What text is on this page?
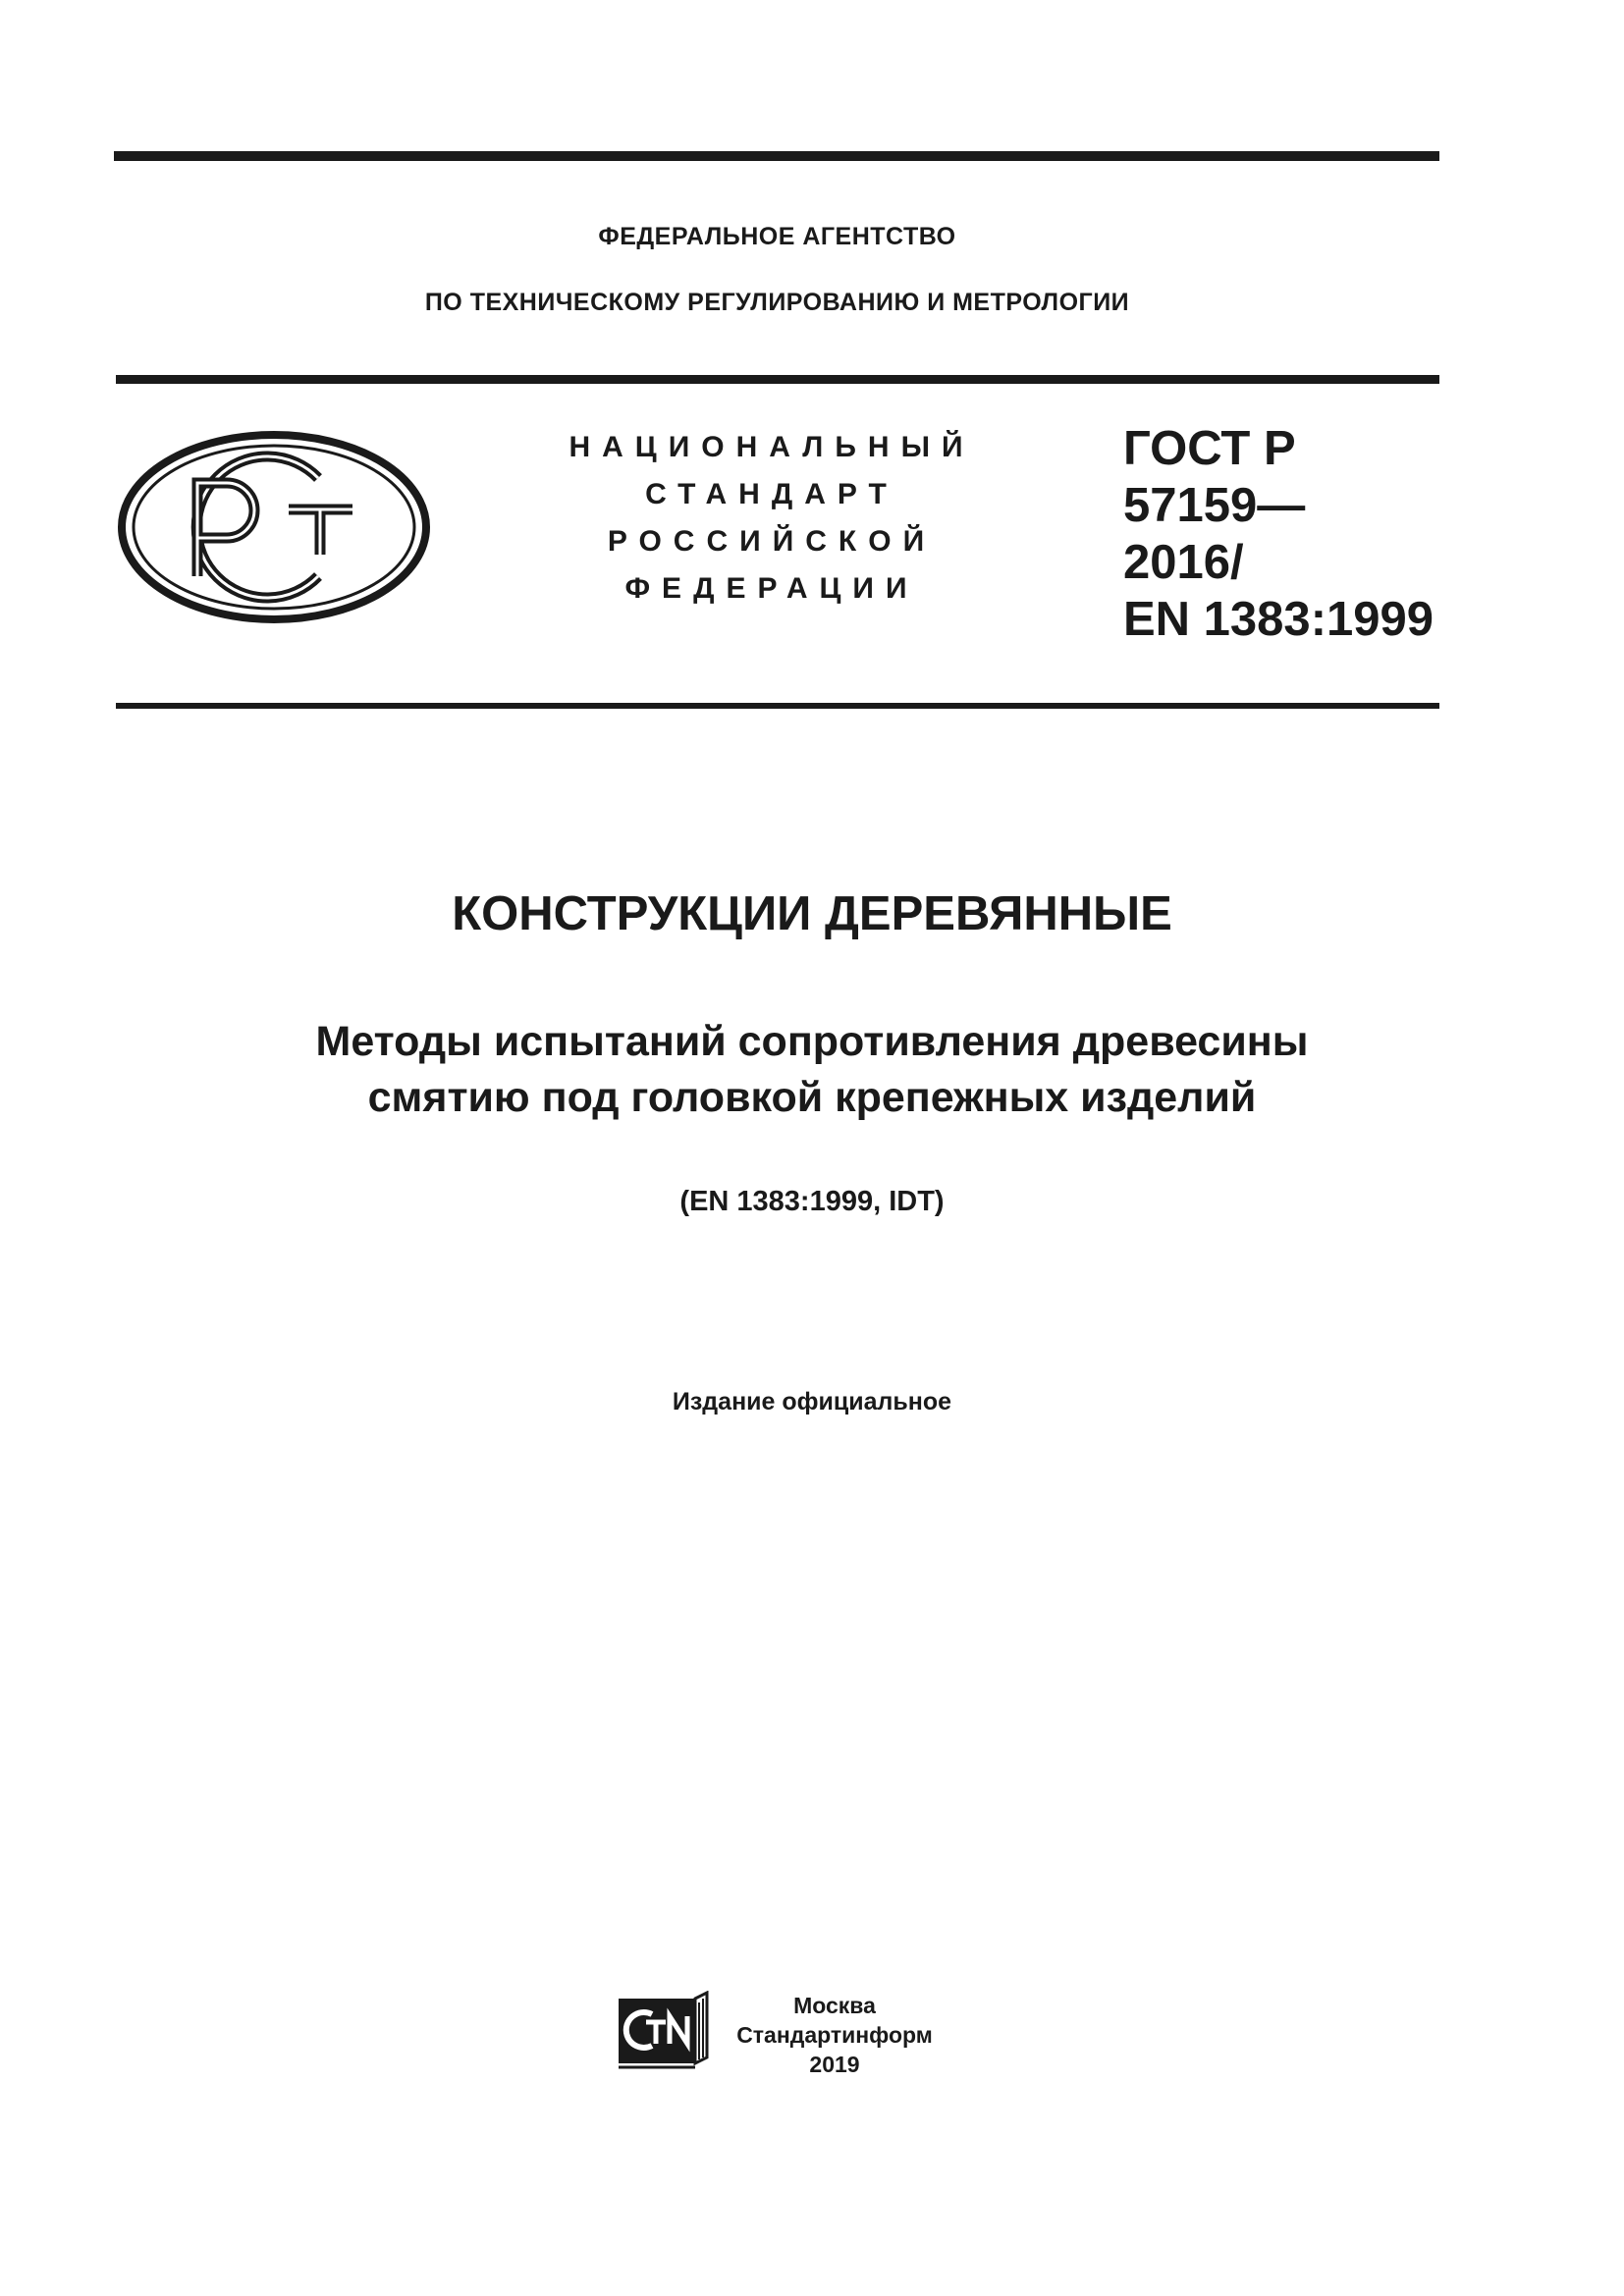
ФЕДЕРАЛЬНОЕ АГЕНТСТВО
ПО ТЕХНИЧЕСКОМУ РЕГУЛИРОВАНИЮ И МЕТРОЛОГИИ
НАЦИОНАЛЬНЫЙ
СТАНДАРТ
РОССИЙСКОЙ
ФЕДЕРАЦИИ
ГОСТ Р
57159—
2016/
EN 1383:1999
КОНСТРУКЦИИ ДЕРЕВЯННЫЕ
Методы испытаний сопротивления древесины
смятию под головкой крепежных изделий
(EN 1383:1999, IDT)
Издание официальное
Москва
Стандартинформ
2019
